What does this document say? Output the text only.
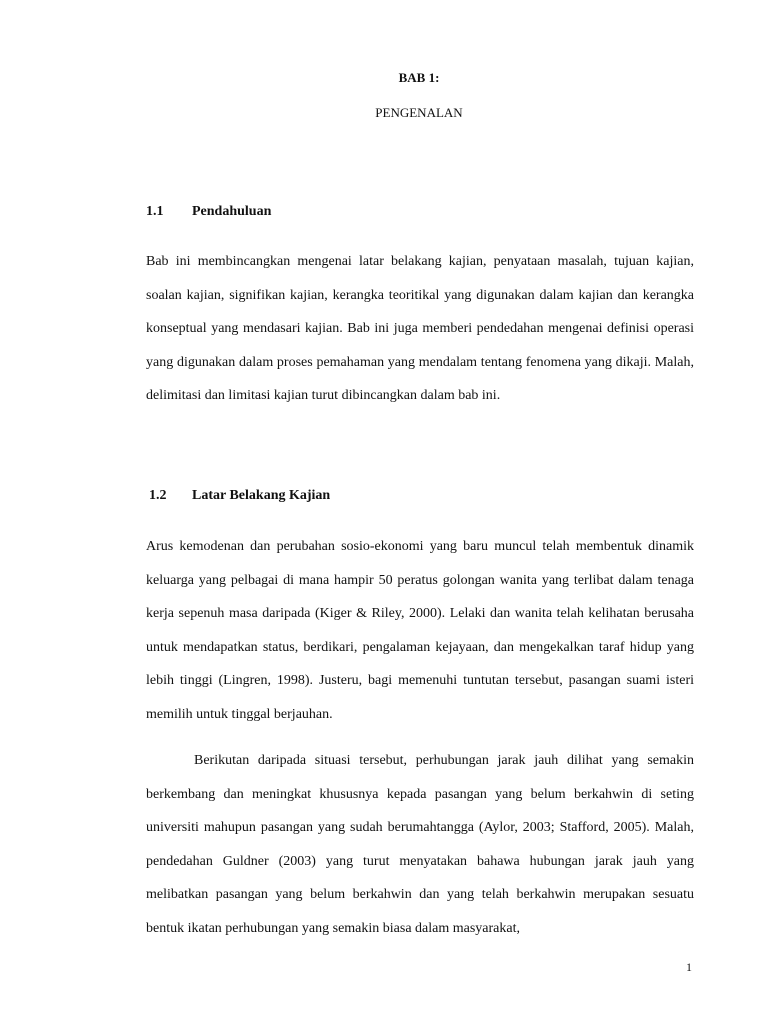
BAB 1:
PENGENALAN
1.1 Pendahuluan

Bab ini membincangkan mengenai latar belakang kajian, penyataan masalah, tujuan kajian, soalan kajian, signifikan kajian, kerangka teoritikal yang digunakan dalam kajian dan kerangka konseptual yang mendasari kajian. Bab ini juga memberi pendedahan mengenai definisi operasi yang digunakan dalam proses pemahaman yang mendalam tentang fenomena yang dikaji. Malah, delimitasi dan limitasi kajian turut dibincangkan dalam bab ini.

1.2 Latar Belakang Kajian

Arus kemodenan dan perubahan sosio-ekonomi yang baru muncul telah membentuk dinamik keluarga yang pelbagai di mana hampir 50 peratus golongan wanita yang terlibat dalam tenaga kerja sepenuh masa daripada (Kiger & Riley, 2000). Lelaki dan wanita telah kelihatan berusaha untuk mendapatkan status, berdikari, pengalaman kejayaan, dan mengekalkan taraf hidup yang lebih tinggi (Lingren, 1998). Justeru, bagi memenuhi tuntutan tersebut, pasangan suami isteri memilih untuk tinggal berjauhan.

Berikutan daripada situasi tersebut, perhubungan jarak jauh dilihat yang semakin berkembang dan meningkat khususnya kepada pasangan yang belum berkahwin di seting universiti mahupun pasangan yang sudah berumahtangga (Aylor, 2003; Stafford, 2005). Malah, pendedahan Guldner (2003) yang turut menyatakan bahawa hubungan jarak jauh yang melibatkan pasangan yang belum berkahwin dan yang telah berkahwin merupakan sesuatu bentuk ikatan perhubungan yang semakin biasa dalam masyarakat,

1
